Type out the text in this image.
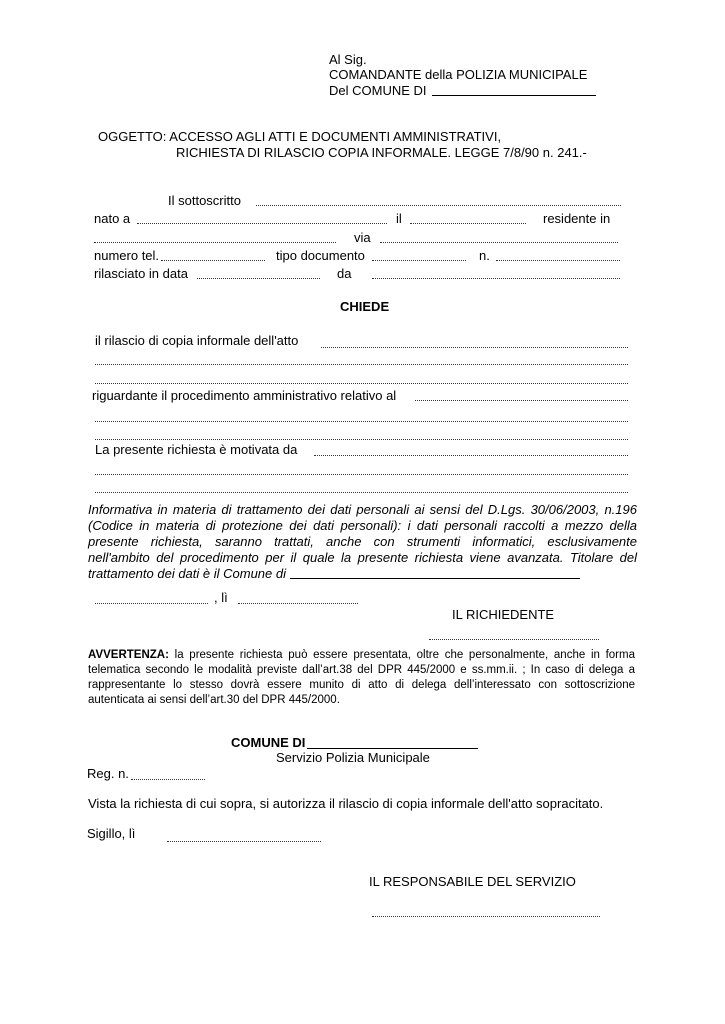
Al Sig.
COMANDANTE della POLIZIA MUNICIPALE
Del COMUNE DI
OGGETTO: ACCESSO AGLI ATTI E DOCUMENTI AMMINISTRATIVI,
RICHIESTA DI RILASCIO COPIA INFORMALE. LEGGE 7/8/90 n. 241.-
Il sottoscritto
nato a	il	residente in
via
numero tel.	tipo documento	n.
rilasciato in data	da
CHIEDE
il rilascio di copia informale dell'atto
riguardante il procedimento amministrativo relativo al
La presente richiesta è motivata da
Informativa in materia di trattamento dei dati personali ai sensi del D.Lgs. 30/06/2003, n.196
(Codice in materia di protezione dei dati personali): i dati personali raccolti a mezzo della
presente richiesta, saranno trattati, anche con strumenti informatici, esclusivamente
nell'ambito del procedimento per il quale la presente richiesta viene avanzata. Titolare del
trattamento dei dati è il Comune di
, lì
IL RICHIEDENTE
AVVERTENZA: la presente richiesta può essere presentata, oltre che personalmente, anche in forma
telematica secondo le modalità previste dall’art.38 del DPR 445/2000 e ss.mm.ii. ; In caso di delega a
rappresentante lo stesso dovrà essere munito di atto di delega dell’interessato con sottoscrizione
autenticata ai sensi dell’art.30 del DPR 445/2000.
COMUNE DI
Servizio Polizia Municipale
Reg. n.
Vista la richiesta di cui sopra, si autorizza il rilascio di copia informale dell'atto sopracitato.
Sigillo, lì
IL RESPONSABILE DEL SERVIZIO
